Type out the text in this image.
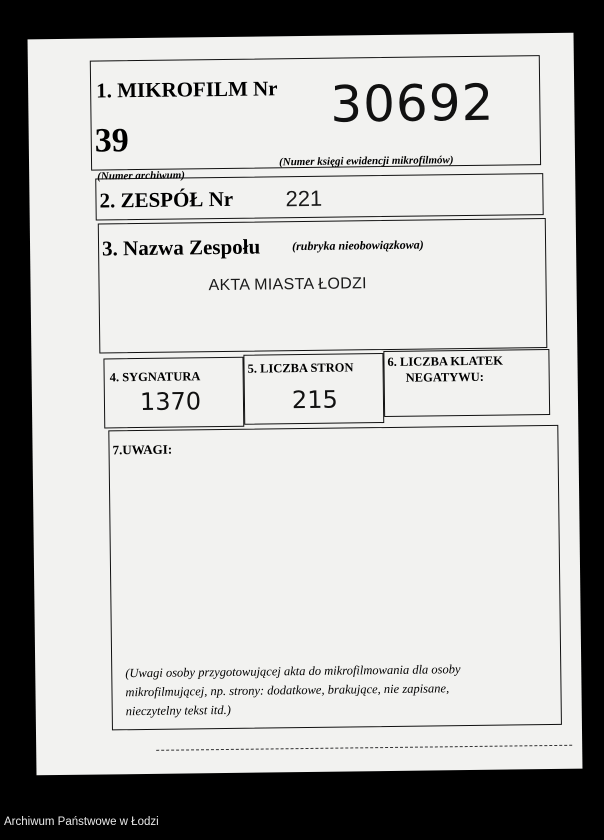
1. MIKROFILM Nr
39
(Numer archiwum)
30692
(Numer księgi ewidencji mikrofilmów)
2. ZESPÓŁ Nr 221
3. Nazwa Zespołu	(rubryka nieobowiązkowa)
AKTA MIASTA ŁODZI
4. SYGNATURA
1370
5. LICZBA STRON
215
6. LICZBA KLATEK
NEGATYWU:
7.UWAGI:
(Uwagi osoby przygotowującej akta do mikrofilmowania dla osoby
mikrofilmującej, np. strony: dodatkowe, brakujące, nie zapisane,
nieczytelny tekst itd.)
Archiwum Państwowe w Łodzi
